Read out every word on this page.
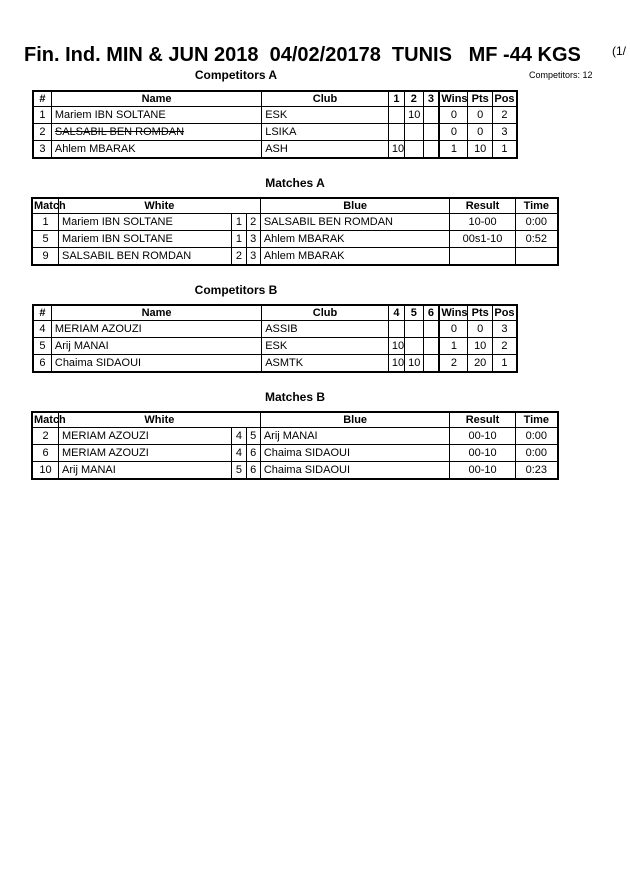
Fin. Ind. MIN & JUN 2018  04/02/20178  TUNIS   MF -44 KGS	(1/
Competitors A	Competitors: 12
#	Name	Club	1	2	3	Wins	Pts	Pos
1	Mariem IBN SOLTANE	ESK		10		0	0	2
2	SALSABIL BEN ROMDAN	LSIKA				0	0	3
3	Ahlem MBARAK	ASH	10			1	10	1
Matches A
Match	White			Blue	Result	Time
1	Mariem IBN SOLTANE	1	2	SALSABIL BEN ROMDAN	10-00	0:00
5	Mariem IBN SOLTANE	1	3	Ahlem MBARAK	00s1-10	0:52
9	SALSABIL BEN ROMDAN	2	3	Ahlem MBARAK		
Competitors B
#	Name	Club	4	5	6	Wins	Pts	Pos
4	MERIAM AZOUZI	ASSIB				0	0	3
5	Arij MANAI	ESK	10			1	10	2
6	Chaima SIDAOUI	ASMTK	10	10		2	20	1
Matches B
Match	White			Blue	Result	Time
2	MERIAM AZOUZI	4	5	Arij MANAI	00-10	0:00
6	MERIAM AZOUZI	4	6	Chaima SIDAOUI	00-10	0:00
10	Arij MANAI	5	6	Chaima SIDAOUI	00-10	0:23
